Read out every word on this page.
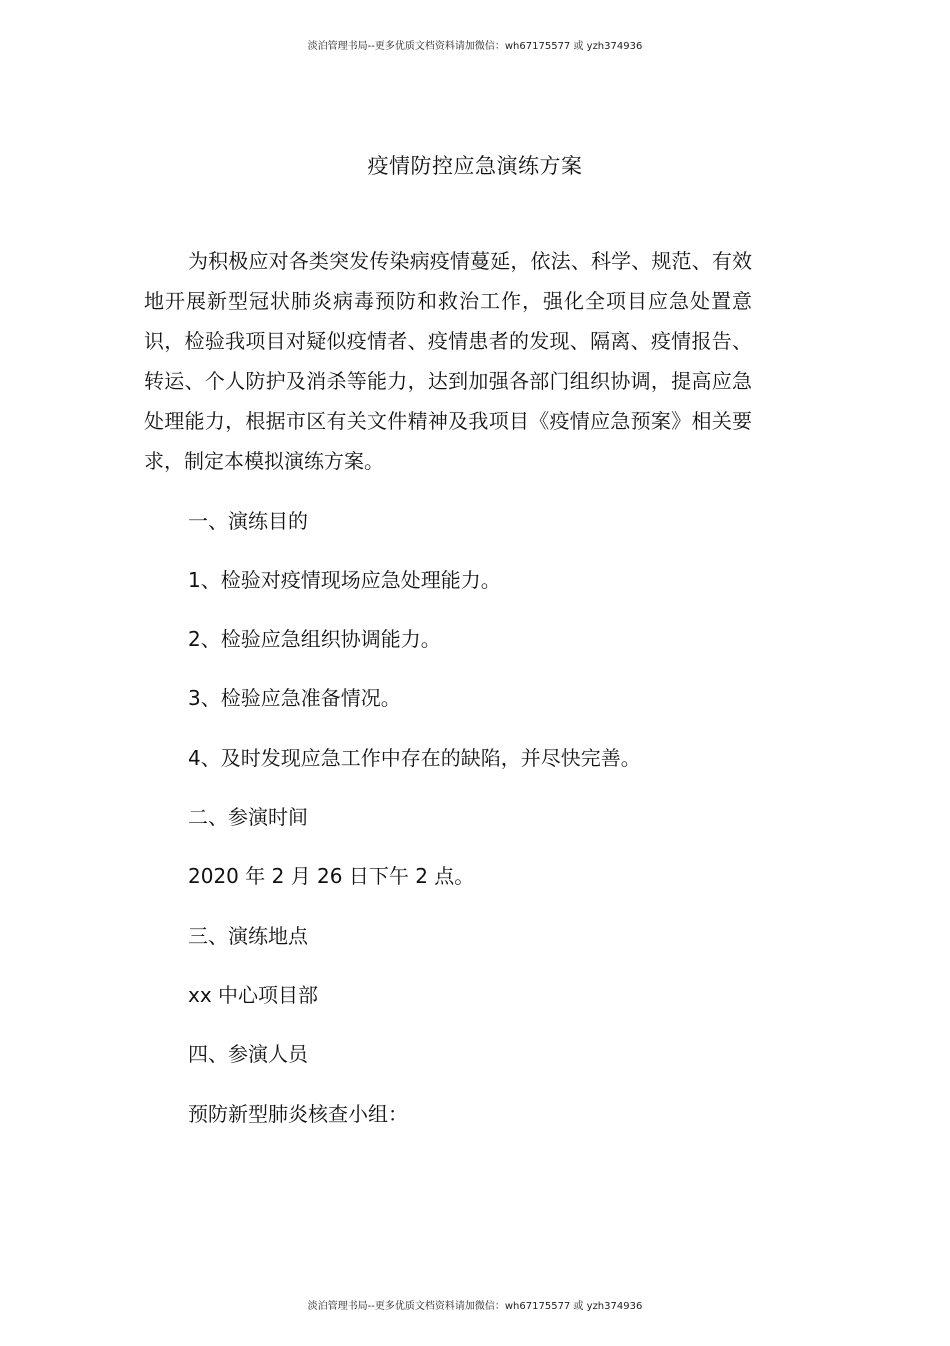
淡泊管理书局--更多优质文档资料请加微信：wh67175577 或 yzh374936
疫情防控应急演练方案

为积极应对各类突发传染病疫情蔓延，依法、科学、规范、有效地开展新型冠状肺炎病毒预防和救治工作，强化全项目应急处置意识，检验我项目对疑似疫情者、疫情患者的发现、隔离、疫情报告、转运、个人防护及消杀等能力，达到加强各部门组织协调，提高应急处理能力，根据市区有关文件精神及我项目《疫情应急预案》相关要求，制定本模拟演练方案。

一、演练目的
1、检验对疫情现场应急处理能力。
2、检验应急组织协调能力。
3、检验应急准备情况。
4、及时发现应急工作中存在的缺陷，并尽快完善。
二、参演时间
2020 年 2 月 26 日下午 2 点。
三、演练地点
xx 中心项目部
四、参演人员
预防新型肺炎核查小组：
淡泊管理书局--更多优质文档资料请加微信：wh67175577 或 yzh374936
